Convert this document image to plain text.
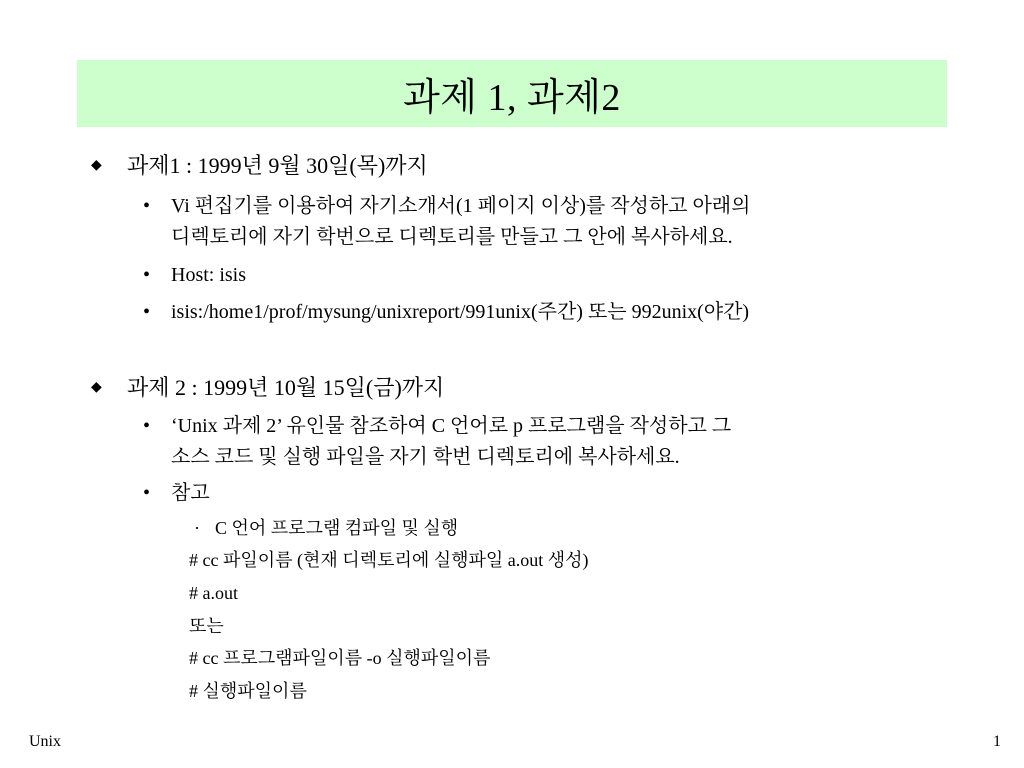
과제 1, 과제2
◆ 과제1 : 1999년 9월 30일(목)까지
• Vi 편집기를 이용하여 자기소개서(1 페이지 이상)를 작성하고 아래의
디렉토리에 자기 학번으로 디렉토리를 만들고 그 안에 복사하세요.
• Host: isis
• isis:/home1/prof/mysung/unixreport/991unix(주간) 또는 992unix(야간)
◆ 과제 2 : 1999년 10월 15일(금)까지
• ‘Unix 과제 2’ 유인물 참조하여 C 언어로 p 프로그램을 작성하고 그
소스 코드 및 실행 파일을 자기 학번 디렉토리에 복사하세요.
• 참고
· C 언어 프로그램 컴파일 및 실행
# cc 파일이름 (현재 디렉토리에 실행파일 a.out 생성)
# a.out
또는
# cc 프로그램파일이름 -o 실행파일이름
# 실행파일이름
Unix	1
